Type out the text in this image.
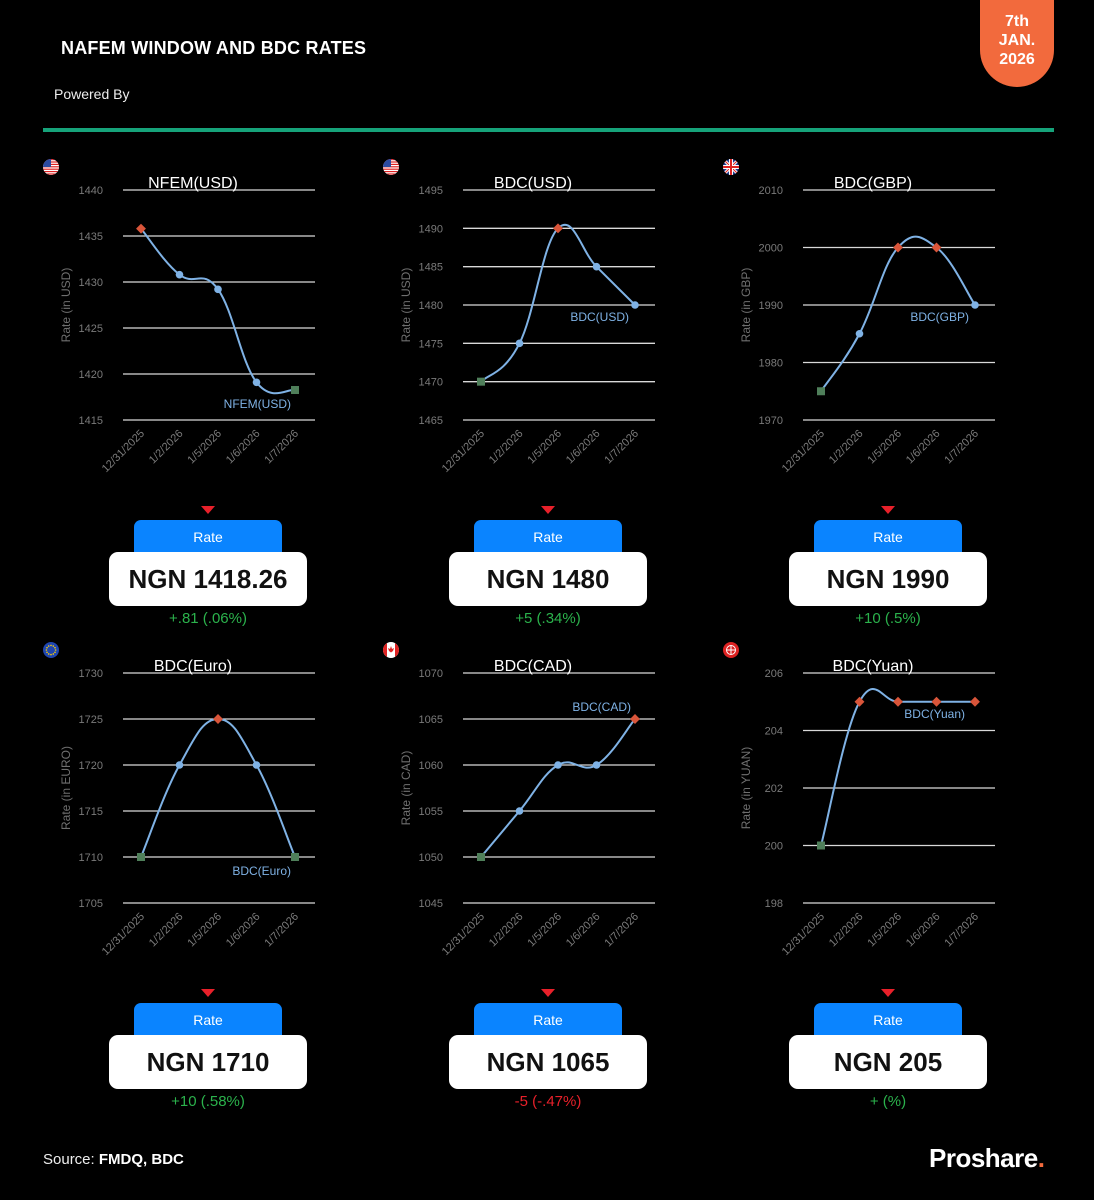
NAFEM WINDOW AND BDC RATES
Powered By
7th
JAN.
2026
NFEM(USD)
1415
1420
1425
1430
1435
1440
Rate (in USD)
12/31/2025 1/2/2026 1/5/2026 1/6/2026 1/7/2026
NFEM(USD)
Rate
NGN 1418.26
+.81 (.06%)
BDC(USD)
1465
1470
1475
1480
1485
1490
1495
Rate (in USD)
12/31/2025 1/2/2026 1/5/2026 1/6/2026 1/7/2026
BDC(USD)
Rate
NGN 1480
+5 (.34%)
BDC(GBP)
1970
1980
1990
2000
2010
Rate (in GBP)
12/31/2025 1/2/2026 1/5/2026 1/6/2026 1/7/2026
BDC(GBP)
Rate
NGN 1990
+10 (.5%)
BDC(Euro)
1705
1710
1715
1720
1725
1730
Rate (in EURO)
12/31/2025 1/2/2026 1/5/2026 1/6/2026 1/7/2026
BDC(Euro)
Rate
NGN 1710
+10 (.58%)
BDC(CAD)
1045
1050
1055
1060
1065
1070
Rate (in CAD)
12/31/2025 1/2/2026 1/5/2026 1/6/2026 1/7/2026
BDC(CAD)
Rate
NGN 1065
-5 (-.47%)
BDC(Yuan)
198
200
202
204
206
Rate (in YUAN)
12/31/2025 1/2/2026 1/5/2026 1/6/2026 1/7/2026
BDC(Yuan)
Rate
NGN 205
+ (%)
Source: FMDQ, BDC	Proshare.
